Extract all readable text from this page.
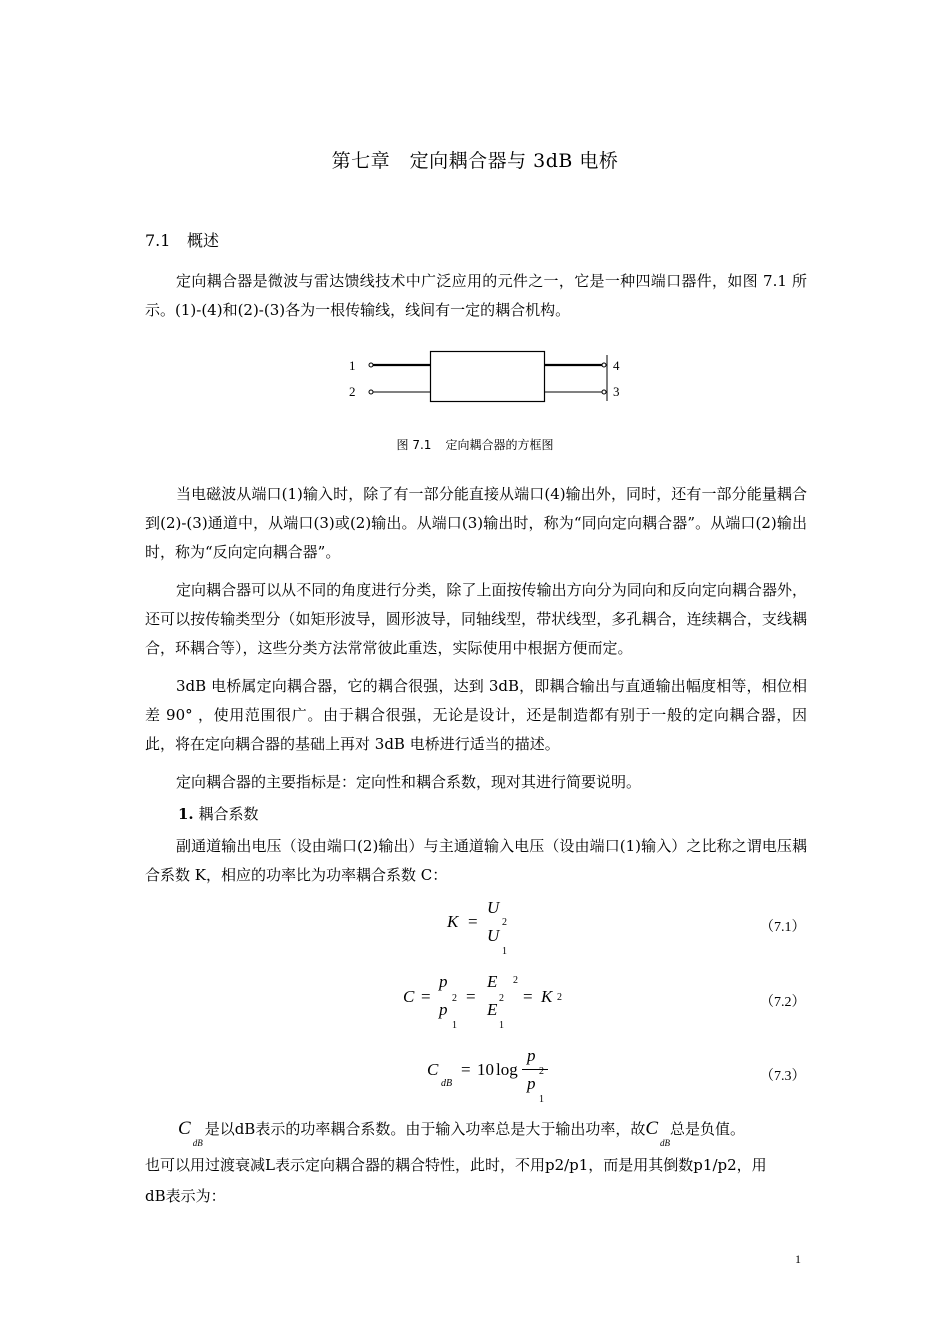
第七章　定向耦合器与 3dB 电桥
7.1 概述
定向耦合器是微波与雷达馈线技术中广泛应用的元件之一，它是一种四端口器件，如图 7.1 所示。(1)-(4)和(2)-(3)各为一根传输线，线间有一定的耦合机构。
1
2
4
3
图 7.1 定向耦合器的方框图
当电磁波从端口(1)输入时，除了有一部分能直接从端口(4)输出外，同时，还有一部分能量耦合到(2)-(3)通道中，从端口(3)或(2)输出。从端口(3)输出时，称为“同向定向耦合器”。从端口(2)输出时，称为“反向定向耦合器”。
定向耦合器可以从不同的角度进行分类，除了上面按传输出方向分为同向和反向定向耦合器外，还可以按传输类型分（如矩形波导，圆形波导，同轴线型，带状线型，多孔耦合，连续耦合，支线耦合，环耦合等），这些分类方法常常彼此重迭，实际使用中根据方便而定。
3dB 电桥属定向耦合器，它的耦合很强，达到 3dB，即耦合输出与直通输出幅度相等，相位相差 90° ，使用范围很广。由于耦合很强，无论是设计，还是制造都有别于一般的定向耦合器，因此，将在定向耦合器的基础上再对 3dB 电桥进行适当的描述。
定向耦合器的主要指标是：定向性和耦合系数，现对其进行简要说明。
1. 耦合系数
副通道输出电压（设由端口(2)输出）与主通道输入电压（设由端口(1)输入）之比称之谓电压耦合系数 K，相应的功率比为功率耦合系数 C：
K =
U
2
U
1
（7.1）
C =
p
2
p
1
=
E
2
E
1
2
= K 2	（7.2）
C
dB
= 10 log
p
2
p
1
（7.3）
$C_{dB}$是以dB表示的功率耦合系数。由于输入功率总是大于输出功率，故$C_{dB}$总是负值。
也可以用过渡衰减L表示定向耦合器的耦合特性，此时，不用p2/p1，而是用其倒数p1/p2，用
dB表示为：
1
